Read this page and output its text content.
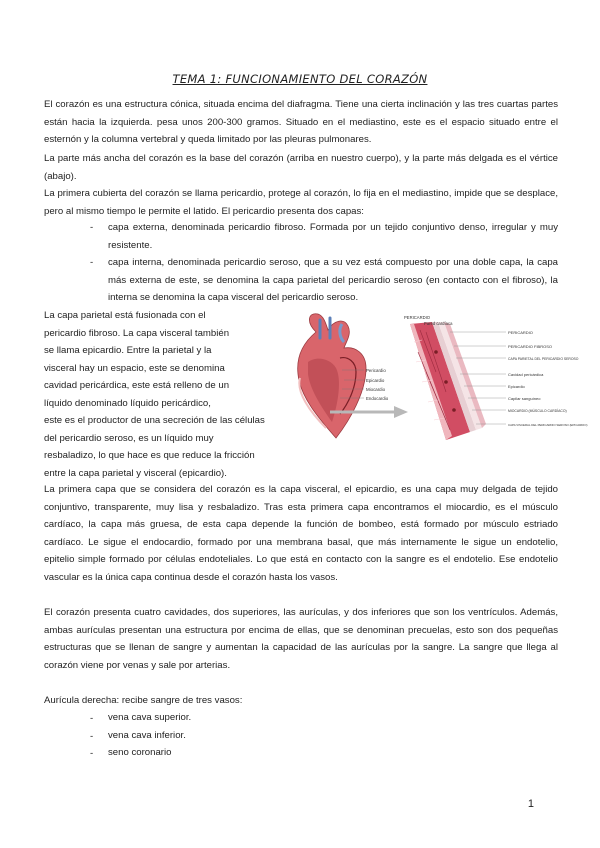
TEMA 1: FUNCIONAMIENTO DEL CORAZÓN

El corazón es una estructura cónica, situada encima del diafragma. Tiene una cierta inclinación y las tres cuartas partes están hacia la izquierda. pesa unos 200-300 gramos. Situado en el mediastino, este es el espacio situado entre el esternón y la columna vertebral y queda limitado por las pleuras pulmonares.

La parte más ancha del corazón es la base del corazón (arriba en nuestro cuerpo), y la parte más delgada es el vértice (abajo).

La primera cubierta del corazón se llama pericardio, protege al corazón, lo fija en el mediastino, impide que se desplace, pero al mismo tiempo le permite el latido. El pericardio presenta dos capas:

- capa externa, denominada pericardio fibroso. Formada por un tejido conjuntivo denso, irregular y muy resistente.

- capa interna, denominada pericardio seroso, que a su vez está compuesto por una doble capa, la capa más externa de este, se denomina la capa parietal del pericardio seroso (en contacto con el fibroso), la interna se denomina la capa visceral del pericardio seroso.

La capa parietal está fusionada con el
pericardio fibroso. La capa visceral también
se llama epicardio. Entre la parietal y la
visceral hay un espacio, este se denomina
cavidad pericárdica, este está relleno de un
líquido denominado líquido pericárdico,
este es el productor de una secreción de las células
del pericardio seroso, es un líquido muy
resbaladizo, lo que hace es que reduce la fricción
entre la capa parietal y visceral (epicardio).
Pericardio
Epicardio
Miocardio
Endocardio
PERICARDIO
Pared cardíaca
PERICARDIO
PERICARDIO FIBROSO
CAPA PARIETAL DEL PERICARDIO SEROSO
Cavidad pericárdica
Epicardio
Capilar sanguíneo
MIOCARDIO (MÚSCULO CARDÍACO)
CAPA VISCERAL DEL PERICARDIO SEROSO (EPICARDIO)

La primera capa que se considera del corazón es la capa visceral, el epicardio, es una capa muy delgada de tejido conjuntivo, transparente, muy lisa y resbaladizo. Tras esta primera capa encontramos el miocardio, es el músculo cardíaco, la capa más gruesa, de esta capa depende la función de bombeo, está formado por músculo estriado cardíaco. Le sigue el endocardio, formado por una membrana basal, que más internamente le sigue un endotelio, epitelio simple formado por células endoteliales. Lo que está en contacto con la sangre es el endotelio. Ese endotelio vascular es la única capa continua desde el corazón hasta los vasos.

El corazón presenta cuatro cavidades, dos superiores, las aurículas, y dos inferiores que son los ventrículos. Además, ambas aurículas presentan una estructura por encima de ellas, que se denominan precuelas, esto son dos pequeñas estructuras que se llenan de sangre y aumentan la capacidad de las aurículas por la sangre. La sangre que llega al corazón viene por venas y sale por arterias.

Aurícula derecha: recibe sangre de tres vasos:
- vena cava superior.
- vena cava inferior.
- seno coronario
1
